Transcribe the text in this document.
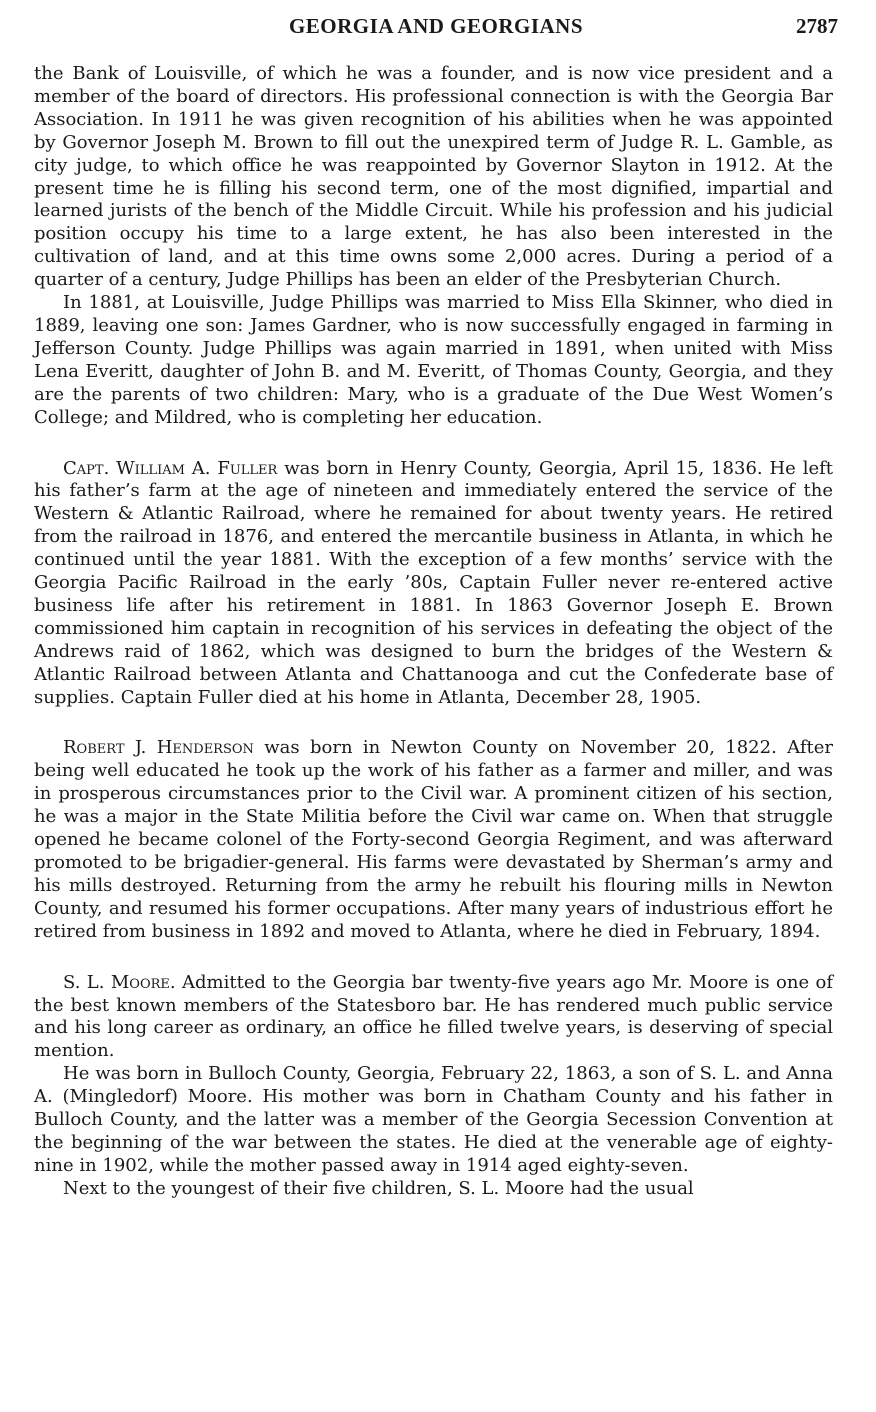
GEORGIA AND GEORGIANS	2787

the Bank of Louisville, of which he was a founder, and is now vice president and a member of the board of directors. His professional connection is with the Georgia Bar Association. In 1911 he was given recognition of his abilities when he was appointed by Governor Joseph M. Brown to fill out the unexpired term of Judge R. L. Gamble, as city judge, to which office he was reappointed by Governor Slayton in 1912. At the present time he is filling his second term, one of the most dignified, impartial and learned jurists of the bench of the Middle Circuit. While his profession and his judicial position occupy his time to a large extent, he has also been interested in the cultivation of land, and at this time owns some 2,000 acres. During a period of a quarter of a century, Judge Phillips has been an elder of the Presbyterian Church.

In 1881, at Louisville, Judge Phillips was married to Miss Ella Skinner, who died in 1889, leaving one son: James Gardner, who is now successfully engaged in farming in Jefferson County. Judge Phillips was again married in 1891, when united with Miss Lena Everitt, daughter of John B. and M. Everitt, of Thomas County, Georgia, and they are the parents of two children: Mary, who is a graduate of the Due West Women’s College; and Mildred, who is completing her education.

Capt. William A. Fuller was born in Henry County, Georgia, April 15, 1836. He left his father’s farm at the age of nineteen and immediately entered the service of the Western & Atlantic Railroad, where he remained for about twenty years. He retired from the railroad in 1876, and entered the mercantile business in Atlanta, in which he continued until the year 1881. With the exception of a few months’ service with the Georgia Pacific Railroad in the early ’80s, Captain Fuller never re-entered active business life after his retirement in 1881. In 1863 Governor Joseph E. Brown commissioned him captain in recognition of his services in defeating the object of the Andrews raid of 1862, which was designed to burn the bridges of the Western & Atlantic Railroad between Atlanta and Chattanooga and cut the Confederate base of supplies. Captain Fuller died at his home in Atlanta, December 28, 1905.

Robert J. Henderson was born in Newton County on November 20, 1822. After being well educated he took up the work of his father as a farmer and miller, and was in prosperous circumstances prior to the Civil war. A prominent citizen of his section, he was a major in the State Militia before the Civil war came on. When that struggle opened he became colonel of the Forty-second Georgia Regiment, and was afterward promoted to be brigadier-general. His farms were devastated by Sherman’s army and his mills destroyed. Returning from the army he rebuilt his flouring mills in Newton County, and resumed his former occupations. After many years of industrious effort he retired from business in 1892 and moved to Atlanta, where he died in February, 1894.

S. L. Moore. Admitted to the Georgia bar twenty-five years ago Mr. Moore is one of the best known members of the Statesboro bar. He has rendered much public service and his long career as ordinary, an office he filled twelve years, is deserving of special mention.

He was born in Bulloch County, Georgia, February 22, 1863, a son of S. L. and Anna A. (Mingledorf) Moore. His mother was born in Chatham County and his father in Bulloch County, and the latter was a member of the Georgia Secession Convention at the beginning of the war between the states. He died at the venerable age of eighty-nine in 1902, while the mother passed away in 1914 aged eighty-seven.

Next to the youngest of their five children, S. L. Moore had the usual
